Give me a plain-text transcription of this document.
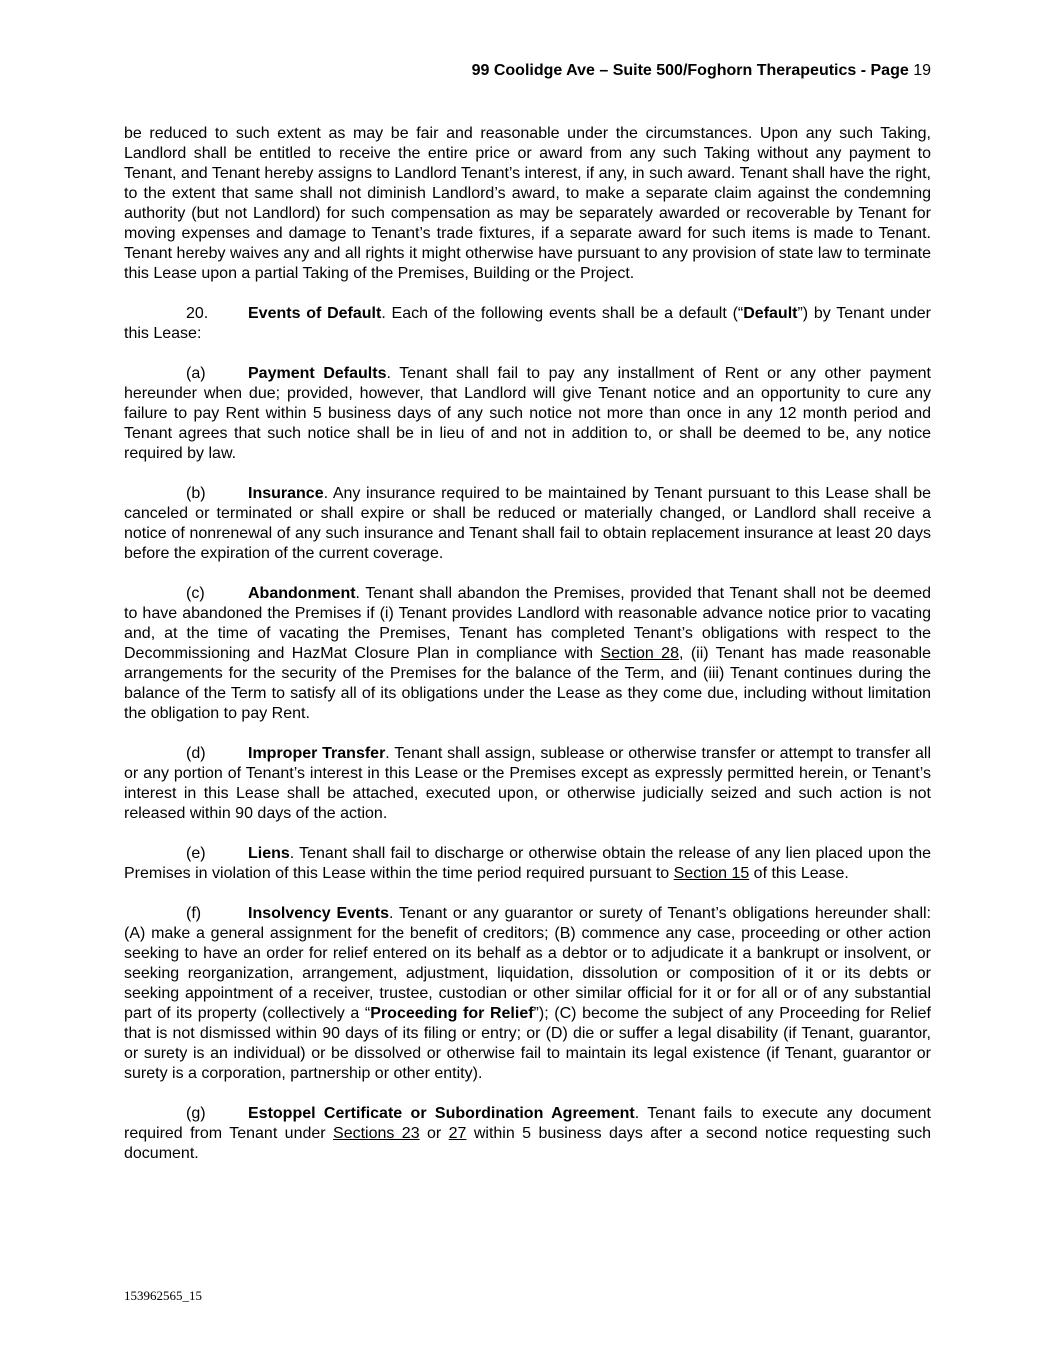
99 Coolidge Ave – Suite 500/Foghorn Therapeutics - Page 19

be reduced to such extent as may be fair and reasonable under the circumstances. Upon any such Taking, Landlord shall be entitled to receive the entire price or award from any such Taking without any payment to Tenant, and Tenant hereby assigns to Landlord Tenant’s interest, if any, in such award. Tenant shall have the right, to the extent that same shall not diminish Landlord’s award, to make a separate claim against the condemning authority (but not Landlord) for such compensation as may be separately awarded or recoverable by Tenant for moving expenses and damage to Tenant’s trade fixtures, if a separate award for such items is made to Tenant. Tenant hereby waives any and all rights it might otherwise have pursuant to any provision of state law to terminate this Lease upon a partial Taking of the Premises, Building or the Project.

20. Events of Default. Each of the following events shall be a default (“Default”) by Tenant under this Lease:

(a)	Payment Defaults. Tenant shall fail to pay any installment of Rent or any other payment hereunder when due; provided, however, that Landlord will give Tenant notice and an opportunity to cure any failure to pay Rent within 5 business days of any such notice not more than once in any 12 month period and Tenant agrees that such notice shall be in lieu of and not in addition to, or shall be deemed to be, any notice required by law.

(b)	Insurance. Any insurance required to be maintained by Tenant pursuant to this Lease shall be canceled or terminated or shall expire or shall be reduced or materially changed, or Landlord shall receive a notice of nonrenewal of any such insurance and Tenant shall fail to obtain replacement insurance at least 20 days before the expiration of the current coverage.

(c)	Abandonment. Tenant shall abandon the Premises, provided that Tenant shall not be deemed to have abandoned the Premises if (i) Tenant provides Landlord with reasonable advance notice prior to vacating and, at the time of vacating the Premises, Tenant has completed Tenant’s obligations with respect to the Decommissioning and HazMat Closure Plan in compliance with Section 28, (ii) Tenant has made reasonable arrangements for the security of the Premises for the balance of the Term, and (iii) Tenant continues during the balance of the Term to satisfy all of its obligations under the Lease as they come due, including without limitation the obligation to pay Rent.

(d)	Improper Transfer. Tenant shall assign, sublease or otherwise transfer or attempt to transfer all or any portion of Tenant’s interest in this Lease or the Premises except as expressly permitted herein, or Tenant’s interest in this Lease shall be attached, executed upon, or otherwise judicially seized and such action is not released within 90 days of the action.

(e)	Liens. Tenant shall fail to discharge or otherwise obtain the release of any lien placed upon the Premises in violation of this Lease within the time period required pursuant to Section 15 of this Lease.

(f)	Insolvency Events. Tenant or any guarantor or surety of Tenant’s obligations hereunder shall: (A) make a general assignment for the benefit of creditors; (B) commence any case, proceeding or other action seeking to have an order for relief entered on its behalf as a debtor or to adjudicate it a bankrupt or insolvent, or seeking reorganization, arrangement, adjustment, liquidation, dissolution or composition of it or its debts or seeking appointment of a receiver, trustee, custodian or other similar official for it or for all or of any substantial part of its property (collectively a “Proceeding for Relief”); (C) become the subject of any Proceeding for Relief that is not dismissed within 90 days of its filing or entry; or (D) die or suffer a legal disability (if Tenant, guarantor, or surety is an individual) or be dissolved or otherwise fail to maintain its legal existence (if Tenant, guarantor or surety is a corporation, partnership or other entity).

(g)	Estoppel Certificate or Subordination Agreement. Tenant fails to execute any document required from Tenant under Sections 23 or 27 within 5 business days after a second notice requesting such document.

153962565_15
